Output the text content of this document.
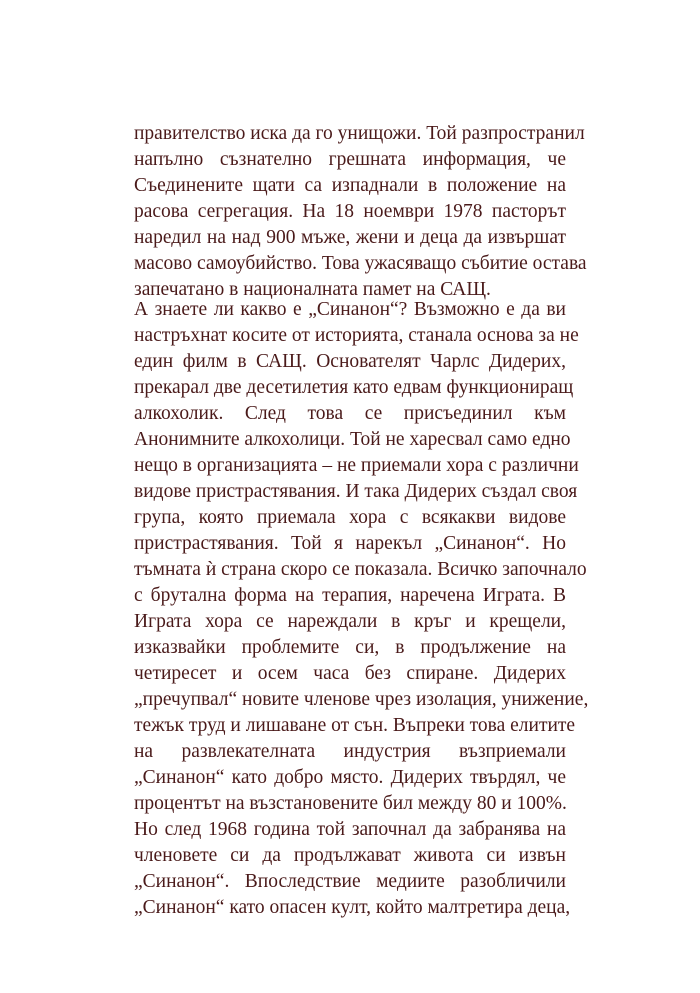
правителство иска да го унищожи. Той разпространил
напълно съзнателно грешната информация, че
Съединените щати са изпаднали в положение на
расова сегрегация. На 18 ноември 1978 пасторът
наредил на над 900 мъже, жени и деца да извършат
масово самоубийство. Това ужасяващо събитие остава
запечатано в националната памет на САЩ.
А знаете ли какво е „Синанон“? Възможно е да ви
настръхнат косите от историята, станала основа за не
един филм в САЩ. Основателят Чарлс Дидерих,
прекарал две десетилетия като едвам функциониращ
алкохолик. След това се присъединил към
Анонимните алкохолици. Той не харесвал само едно
нещо в организацията – не приемали хора с различни
видове пристрастявания. И така Дидерих създал своя
група, която приемала хора с всякакви видове
пристрастявания. Той я нарекъл „Синанон“. Но
тъмната ѝ страна скоро се показала. Всичко започнало
с брутална форма на терапия, наречена Играта. В
Играта хора се нареждали в кръг и крещели,
изказвайки проблемите си, в продължение на
четиресет и осем часа без спиране. Дидерих
„пречупвал“ новите членове чрез изолация, унижение,
тежък труд и лишаване от сън. Въпреки това елитите
на развлекателната индустрия възприемали
„Синанон“ като добро място. Дидерих твърдял, че
процентът на възстановените бил между 80 и 100%.
Но след 1968 година той започнал да забранява на
членовете си да продължават живота си извън
„Синанон“. Впоследствие медиите разобличили
„Синанон“ като опасен култ, който малтретира деца,
